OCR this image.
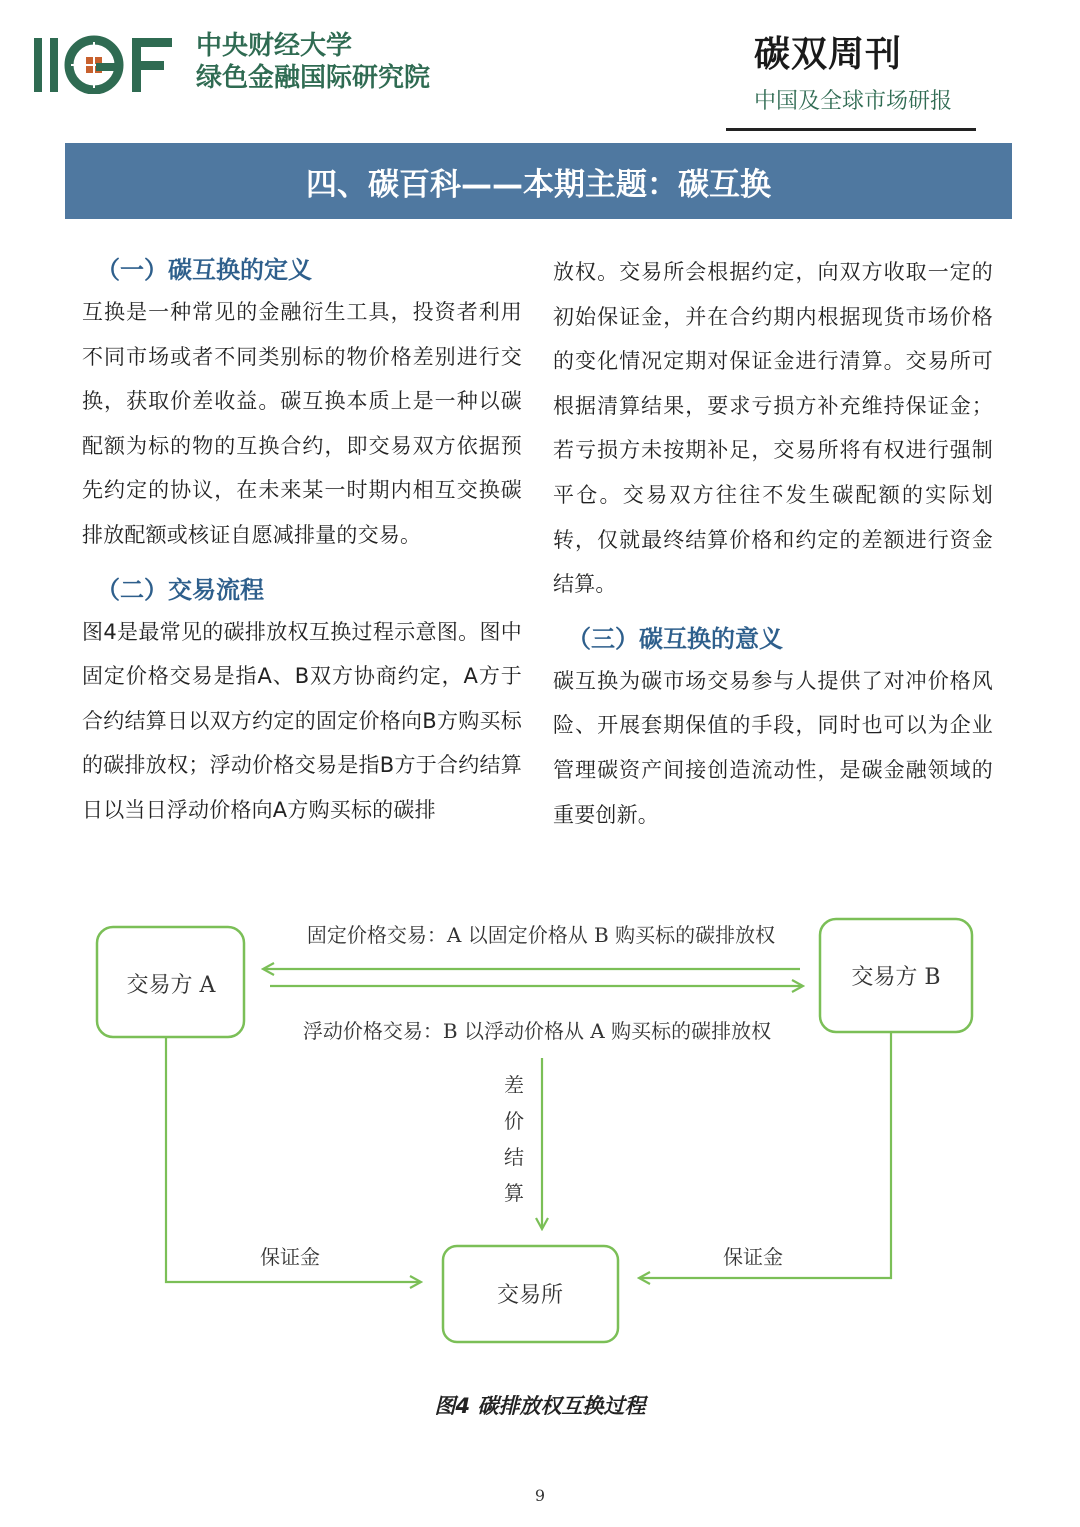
IIGF	中央财经大学
绿色金融国际研究院
碳双周刊
中国及全球市场研报
四、碳百科——本期主题：碳互换
（一）碳互换的定义

互换是一种常见的金融衍生工具，投资者利用不同市场或者不同类别标的物价格差别进行交换，获取价差收益。碳互换本质上是一种以碳配额为标的物的互换合约，即交易双方依据预先约定的协议，在未来某一时期内相互交换碳排放配额或核证自愿减排量的交易。

（二）交易流程

图4是最常见的碳排放权互换过程示意图。图中固定价格交易是指A、B双方协商约定，A方于合约结算日以双方约定的固定价格向B方购买标的碳排放权；浮动价格交易是指B方于合约结算日以当日浮动价格向A方购买标的碳排

放权。交易所会根据约定，向双方收取一定的初始保证金，并在合约期内根据现货市场价格的变化情况定期对保证金进行清算。交易所可根据清算结果，要求亏损方补充维持保证金；若亏损方未按期补足，交易所将有权进行强制平仓。交易双方往往不发生碳配额的实际划转，仅就最终结算价格和约定的差额进行资金结算。

（三）碳互换的意义

碳互换为碳市场交易参与人提供了对冲价格风险、开展套期保值的手段，同时也可以为企业管理碳资产间接创造流动性，是碳金融领域的重要创新。

交易方 A	交易方 B
交易所
固定价格交易：A 以固定价格从 B 购买标的碳排放权
浮动价格交易：B 以浮动价格从 A 购买标的碳排放权
差
价
结
算
保证金	保证金
图4 碳排放权互换过程
9
